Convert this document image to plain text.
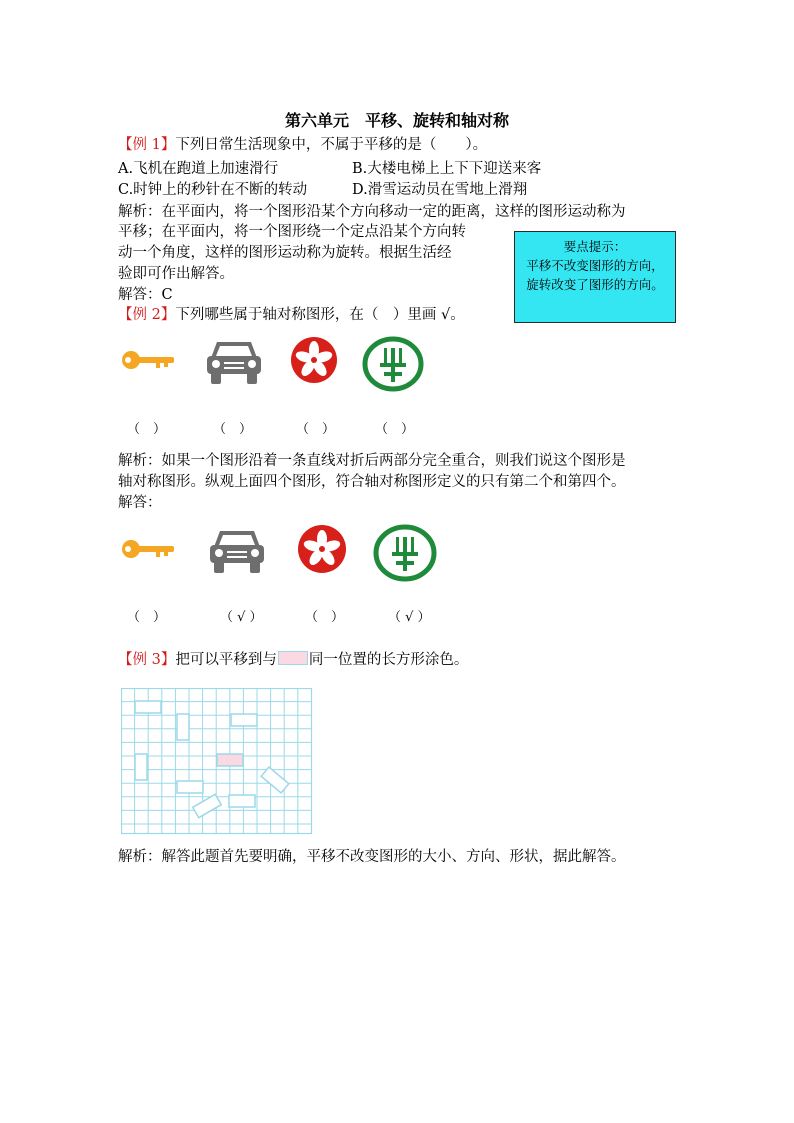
第六单元　平移、旋转和轴对称
【例 1】下列日常生活现象中，不属于平移的是（　　）。
A.飞机在跑道上加速滑行	B.大楼电梯上上下下迎送来客
C.时钟上的秒针在不断的转动	D.滑雪运动员在雪地上滑翔
解析：在平面内，将一个图形沿某个方向移动一定的距离，这样的图形运动称为
平移；在平面内，将一个图形绕一个定点沿某个方向转
动一个角度，这样的图形运动称为旋转。根据生活经
验即可作出解答。
解答：C
要点提示：
平移不改变图形的方向，
旋转改变了图形的方向。
【例 2】下列哪些属于轴对称图形，在（　）里画 √。
（　）	（　）	（　）	（　）
解析：如果一个图形沿着一条直线对折后两部分完全重合，则我们说这个图形是
轴对称图形。纵观上面四个图形，符合轴对称图形定义的只有第二个和第四个。
解答：
（　）	（ √ ）	（　）	（ √ ）
【例 3】把可以平移到与 同一位置的长方形涂色。
解析：解答此题首先要明确，平移不改变图形的大小、方向、形状，据此解答。
